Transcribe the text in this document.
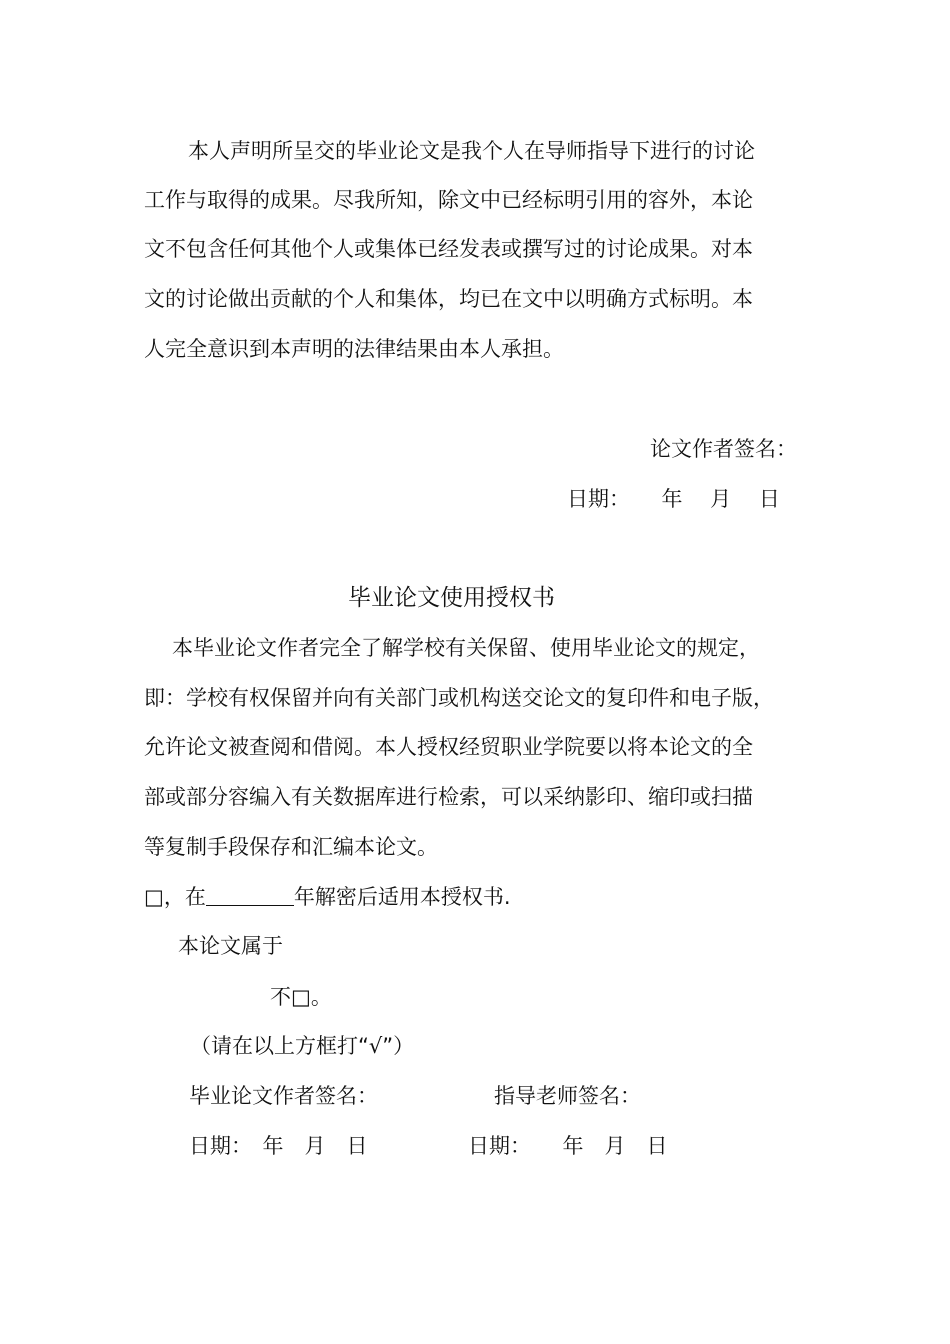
本人声明所呈交的毕业论文是我个人在导师指导下进行的讨论
工作与取得的成果。尽我所知，除文中已经标明引用的容外，本论
文不包含任何其他个人或集体已经发表或撰写过的讨论成果。对本
文的讨论做出贡献的个人和集体，均已在文中以明确方式标明。本
人完全意识到本声明的法律结果由本人承担。
论文作者签名：
日期：　　年　 月　 日
毕业论文使用授权书
本毕业论文作者完全了解学校有关保留、使用毕业论文的规定，
即：学校有权保留并向有关部门或机构送交论文的复印件和电子版，
允许论文被查阅和借阅。本人授权经贸职业学院要以将本论文的全
部或部分容编入有关数据库进行检索，可以采纳影印、缩印或扫描
等复制手段保存和汇编本论文。
□，在	年解密后适用本授权书.
本论文属于
不□。
（请在以上方框打“√”）
毕业论文作者签名：	指导老师签名：
日期：　年　月　日	日期：　　年　月　日
